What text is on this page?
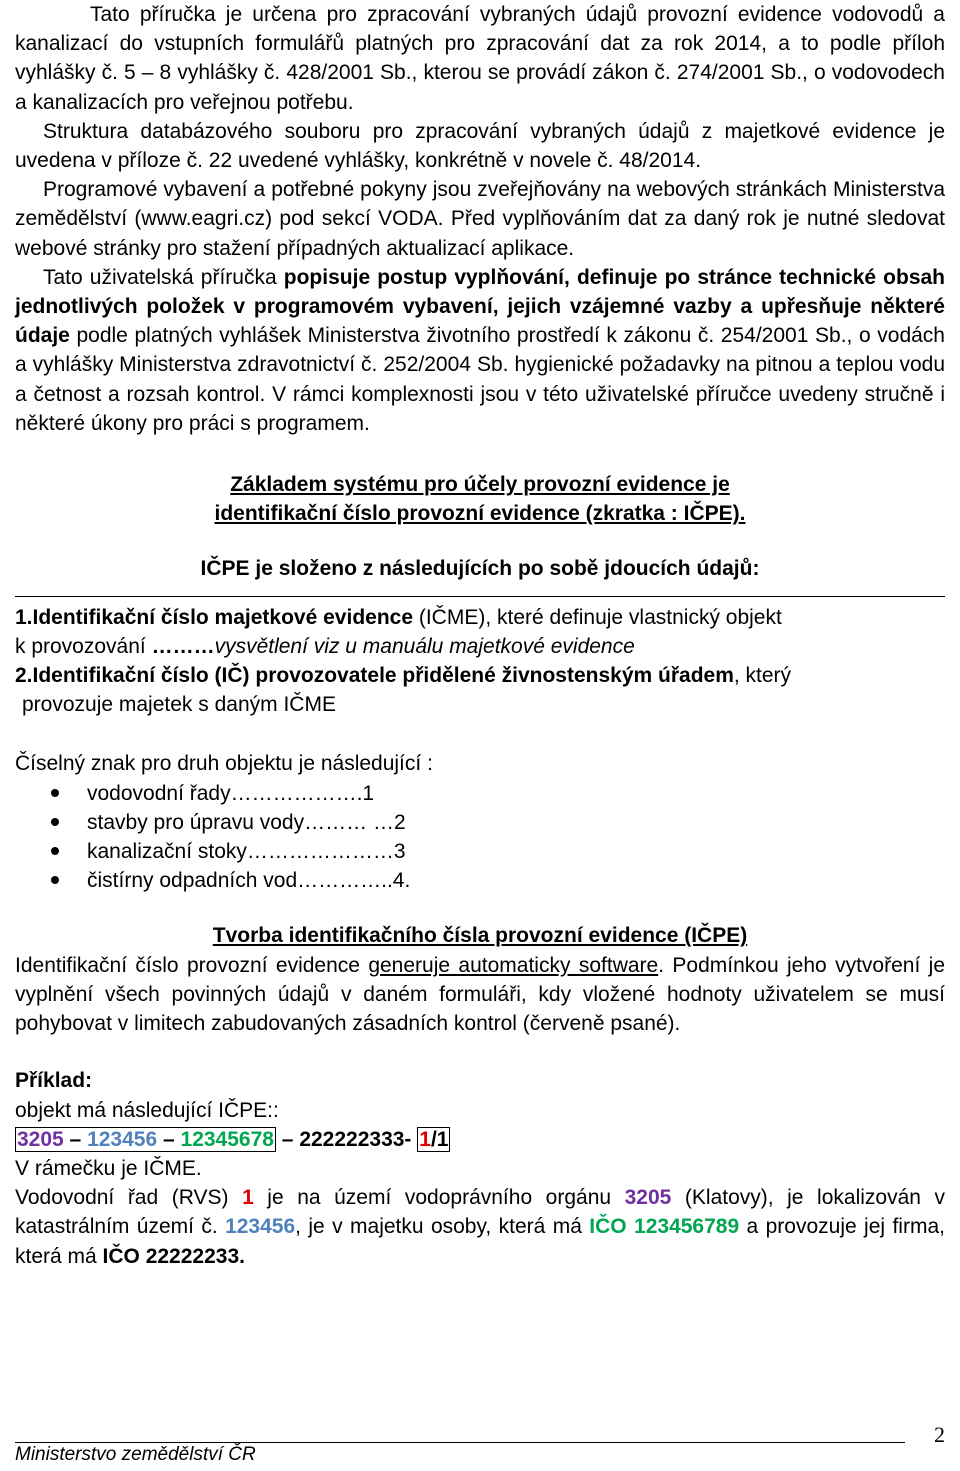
Tato příručka je určena pro zpracování vybraných údajů provozní evidence vodovodů a kanalizací do vstupních formulářů platných pro zpracování dat za rok 2014, a to podle příloh vyhlášky č. 5 – 8 vyhlášky č. 428/2001 Sb., kterou se provádí zákon č. 274/2001 Sb., o vodovodech a kanalizacích pro veřejnou potřebu.

Struktura databázového souboru pro zpracování vybraných údajů z majetkové evidence je uvedena v příloze č. 22 uvedené vyhlášky, konkrétně v novele č. 48/2014.

Programové vybavení a potřebné pokyny jsou zveřejňovány na webových stránkách Ministerstva zemědělství (www.eagri.cz) pod sekcí VODA. Před vyplňováním dat za daný rok je nutné sledovat webové stránky pro stažení případných aktualizací aplikace.

Tato uživatelská příručka popisuje postup vyplňování, definuje po stránce technické obsah jednotlivých položek v programovém vybavení, jejich vzájemné vazby a upřesňuje některé údaje podle platných vyhlášek Ministerstva životního prostředí k zákonu č. 254/2001 Sb., o vodách a vyhlášky Ministerstva zdravotnictví č. 252/2004 Sb. hygienické požadavky na pitnou a teplou vodu a četnost a rozsah kontrol. V rámci komplexnosti jsou v této uživatelské příručce uvedeny stručně i některé úkony pro práci s programem.

Základem systému pro účely provozní evidence je
identifikační číslo provozní evidence (zkratka : IČPE).

IČPE je složeno z následujících po sobě jdoucích údajů:

1.Identifikační číslo majetkové evidence (IČME), které definuje vlastnický objekt

k provozování ………vysvětlení viz u manuálu majetkové evidence

2.Identifikační číslo (IČ) provozovatele přidělené živnostenským úřadem, který

provozuje majetek s daným IČME

Číselný znak pro druh objektu je následující :

vodovodní řady……………….1
stavby pro úpravu vody……… …2
kanalizační stoky…………………3
čistírny odpadních vod…………..4.

Tvorba identifikačního čísla provozní evidence (IČPE)

Identifikační číslo provozní evidence generuje automaticky software. Podmínkou jeho vytvoření je vyplnění všech povinných údajů v daném formuláři, kdy vložené hodnoty uživatelem se musí pohybovat v limitech zabudovaných zásadních kontrol (červeně psané).

Příklad:

objekt má následující IČPE::

3205 – 123456 – 12345678 – 222222333- 1/1

V rámečku je IČME.

Vodovodní řad (RVS) 1 je na území vodoprávního orgánu 3205 (Klatovy), je lokalizován v katastrálním území č. 123456, je v majetku osoby, která má IČO 123456789 a provozuje jej firma, která má IČO 22222233.

Ministerstvo zemědělství ČR
2
